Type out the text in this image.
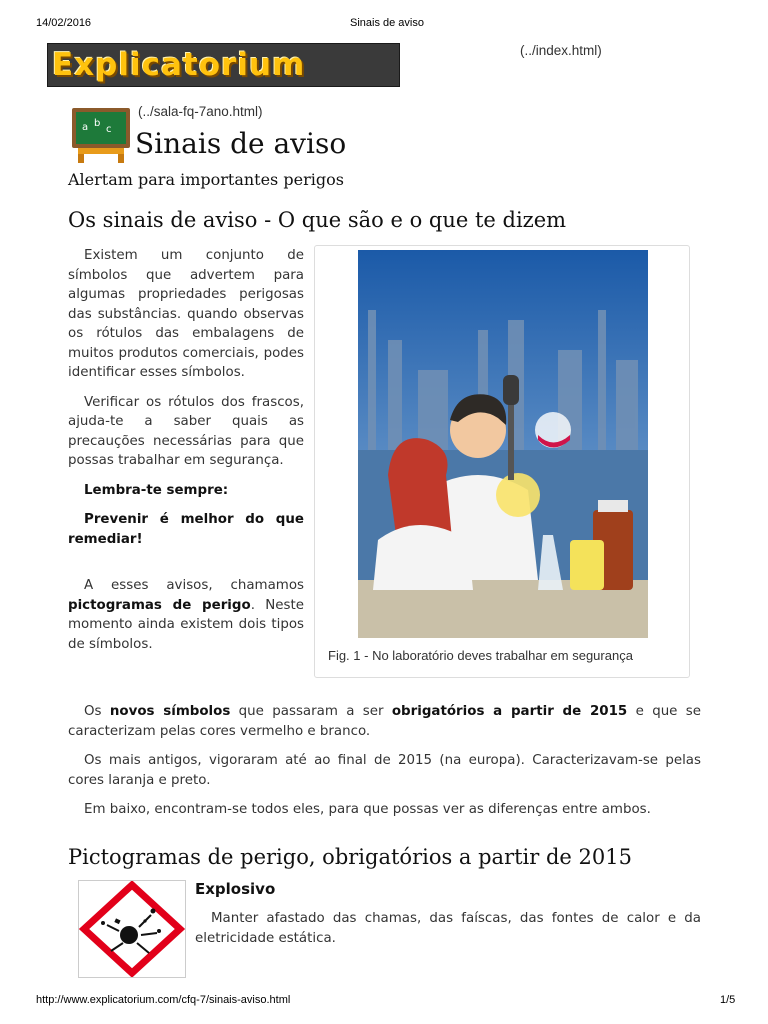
14/02/2016	Sinais de aviso
Explicatorium	(../index.html)
a b
c
(../sala-fq-7ano.html)
Sinais de aviso
Alertam para importantes perigos
Os sinais de aviso - O que são e o que te dizem

Existem um conjunto de símbolos que advertem para algumas propriedades perigosas das substâncias. quando observas os rótulos das embalagens de muitos produtos comerciais, podes identificar esses símbolos.

Verificar os rótulos dos frascos, ajuda-te a saber quais as precauções necessárias para que possas trabalhar em segurança.

Lembra-te sempre:

Prevenir é melhor do que remediar!

A esses avisos, chamamos pictogramas de perigo. Neste momento ainda existem dois tipos de símbolos.

Fig. 1 - No laboratório deves trabalhar em segurança

Os novos símbolos que passaram a ser obrigatórios a partir de 2015 e que se caracterizam pelas cores vermelho e branco.

Os mais antigos, vigoraram até ao final de 2015 (na europa). Caracterizavam-se pelas cores laranja e preto.

Em baixo, encontram-se todos eles, para que possas ver as diferenças entre ambos.

Pictogramas de perigo, obrigatórios a partir de 2015
Explosivo

Manter afastado das chamas, das faíscas, das fontes de calor e da eletricidade estática.

http://www.explicatorium.com/cfq-7/sinais-aviso.html	1/5
